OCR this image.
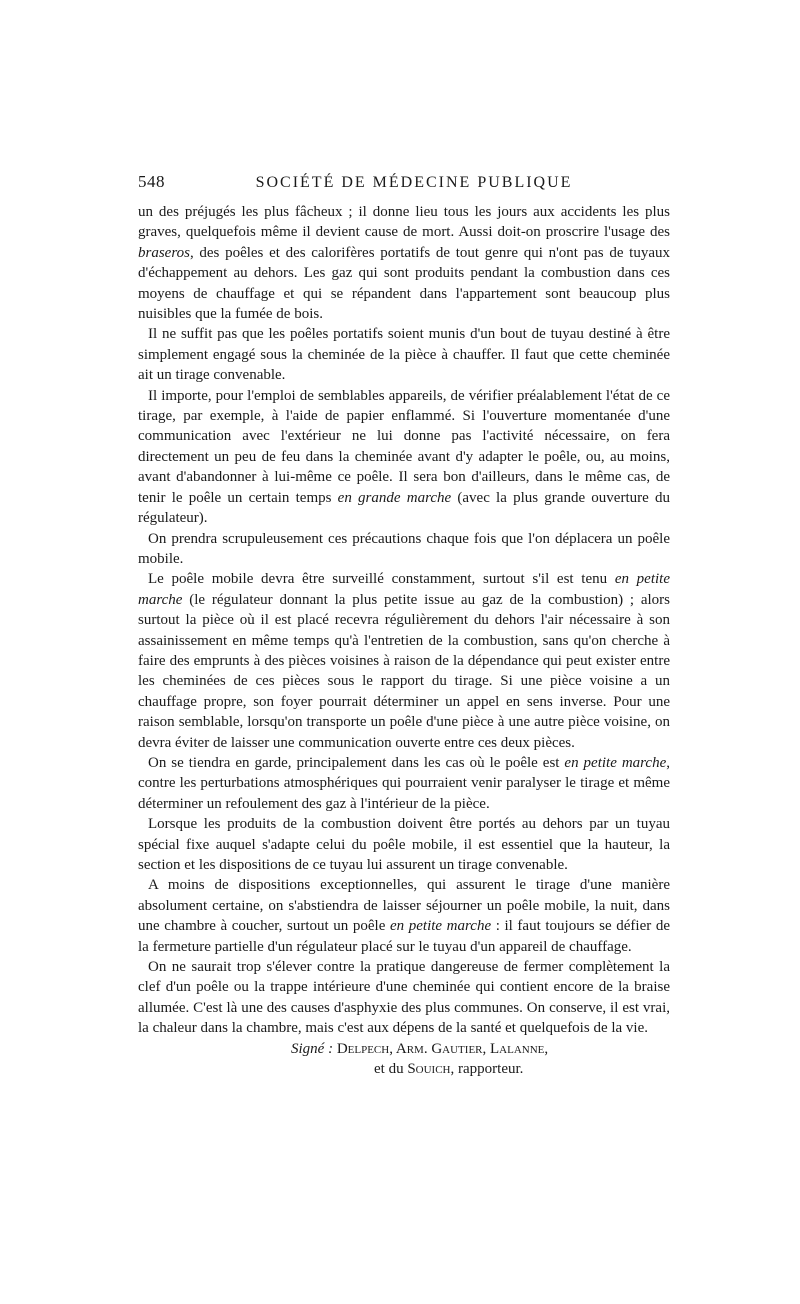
548	SOCIÉTÉ DE MÉDECINE PUBLIQUE

un des préjugés les plus fâcheux ; il donne lieu tous les jours aux accidents les plus graves, quelquefois même il devient cause de mort. Aussi doit-on proscrire l'usage des braseros, des poêles et des calorifères portatifs de tout genre qui n'ont pas de tuyaux d'échappement au dehors. Les gaz qui sont produits pendant la combustion dans ces moyens de chauffage et qui se répandent dans l'appartement sont beaucoup plus nuisibles que la fumée de bois.

Il ne suffit pas que les poêles portatifs soient munis d'un bout de tuyau destiné à être simplement engagé sous la cheminée de la pièce à chauffer. Il faut que cette cheminée ait un tirage convenable.

Il importe, pour l'emploi de semblables appareils, de vérifier préalablement l'état de ce tirage, par exemple, à l'aide de papier enflammé. Si l'ouverture momentanée d'une communication avec l'extérieur ne lui donne pas l'activité nécessaire, on fera directement un peu de feu dans la cheminée avant d'y adapter le poêle, ou, au moins, avant d'abandonner à lui-même ce poêle. Il sera bon d'ailleurs, dans le même cas, de tenir le poêle un certain temps en grande marche (avec la plus grande ouverture du régulateur).

On prendra scrupuleusement ces précautions chaque fois que l'on déplacera un poêle mobile.

Le poêle mobile devra être surveillé constamment, surtout s'il est tenu en petite marche (le régulateur donnant la plus petite issue au gaz de la combustion) ; alors surtout la pièce où il est placé recevra régulièrement du dehors l'air nécessaire à son assainissement en même temps qu'à l'entretien de la combustion, sans qu'on cherche à faire des emprunts à des pièces voisines à raison de la dépendance qui peut exister entre les cheminées de ces pièces sous le rapport du tirage. Si une pièce voisine a un chauffage propre, son foyer pourrait déterminer un appel en sens inverse. Pour une raison semblable, lorsqu'on transporte un poêle d'une pièce à une autre pièce voisine, on devra éviter de laisser une communication ouverte entre ces deux pièces.

On se tiendra en garde, principalement dans les cas où le poêle est en petite marche, contre les perturbations atmosphériques qui pourraient venir paralyser le tirage et même déterminer un refoulement des gaz à l'intérieur de la pièce.

Lorsque les produits de la combustion doivent être portés au dehors par un tuyau spécial fixe auquel s'adapte celui du poêle mobile, il est essentiel que la hauteur, la section et les dispositions de ce tuyau lui assurent un tirage convenable.

A moins de dispositions exceptionnelles, qui assurent le tirage d'une manière absolument certaine, on s'abstiendra de laisser séjourner un poêle mobile, la nuit, dans une chambre à coucher, surtout un poêle en petite marche : il faut toujours se défier de la fermeture partielle d'un régulateur placé sur le tuyau d'un appareil de chauffage.

On ne saurait trop s'élever contre la pratique dangereuse de fermer complètement la clef d'un poêle ou la trappe intérieure d'une cheminée qui contient encore de la braise allumée. C'est là une des causes d'asphyxie des plus communes. On conserve, il est vrai, la chaleur dans la chambre, mais c'est aux dépens de la santé et quelquefois de la vie.

Signé : Delpech, Arm. Gautier, Lalanne,
et du Souich, rapporteur.
